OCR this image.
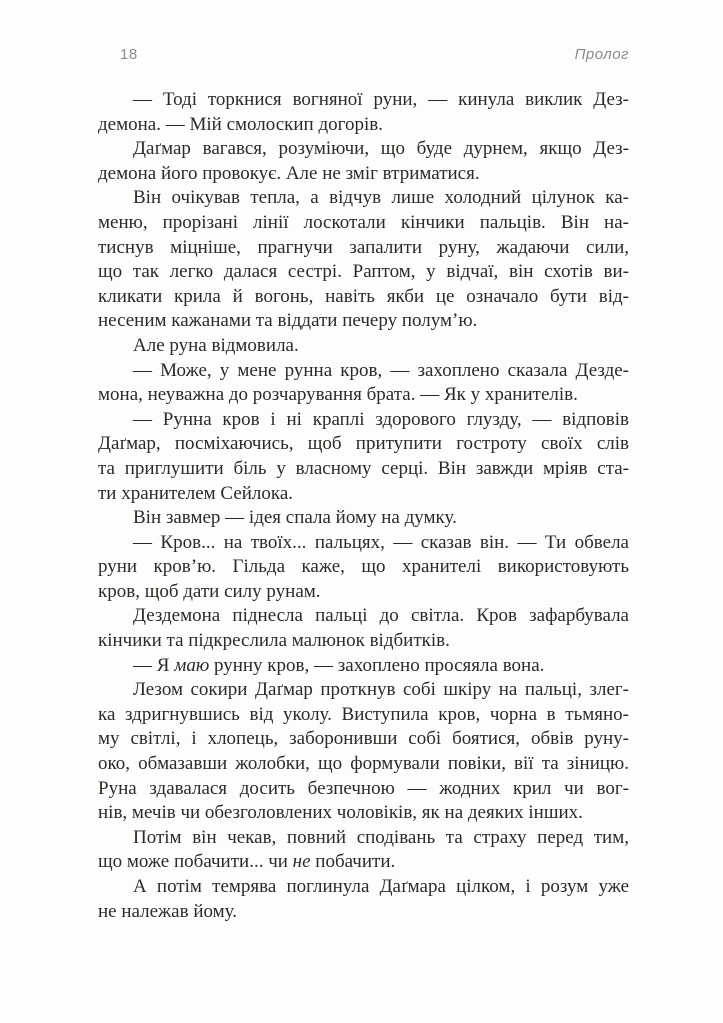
18	Пролог
— Тоді торкнися вогняної руни, — кинула виклик Дез-
демона. — Мій смолоскип догорів.
Даґмар вагався, розуміючи, що буде дурнем, якщо Дез-
демона його провокує. Але не зміг втриматися.
Він очікував тепла, а відчув лише холодний цілунок ка-
меню, прорізані лінії лоскотали кінчики пальців. Він на-
тиснув міцніше, прагнучи запалити руну, жадаючи сили,
що так легко далася сестрі. Раптом, у відчаї, він схотів ви-
кликати крила й вогонь, навіть якби це означало бути від-
несеним кажанами та віддати печеру полум’ю.
Але руна відмовила.
— Може, у мене рунна кров, — захоплено сказала Дезде-
мона, неуважна до розчарування брата. — Як у хранителів.
— Рунна кров і ні краплі здорового глузду, — відповів
Даґмар, посміхаючись, щоб притупити гостроту своїх слів
та приглушити біль у власному серці. Він завжди мріяв ста-
ти хранителем Сейлока.
Він завмер — ідея спала йому на думку.
— Кров... на твоїх... пальцях, — сказав він. — Ти обвела
руни кров’ю. Гільда каже, що хранителі використовують
кров, щоб дати силу рунам.
Дездемона піднесла пальці до світла. Кров зафарбувала
кінчики та підкреслила малюнок відбитків.
— Я маю рунну кров, — захоплено просяяла вона.
Лезом сокири Даґмар проткнув собі шкіру на пальці, злег-
ка здригнувшись від уколу. Виступила кров, чорна в тьмяно-
му світлі, і хлопець, заборонивши собі боятися, обвів руну-
око, обмазавши жолобки, що формували повіки, вії та зіницю.
Руна здавалася досить безпечною — жодних крил чи вог-
нів, мечів чи обезголовлених чоловіків, як на деяких інших.
Потім він чекав, повний сподівань та страху перед тим,
що може побачити... чи не побачити.
А потім темрява поглинула Даґмара цілком, і розум уже
не належав йому.
